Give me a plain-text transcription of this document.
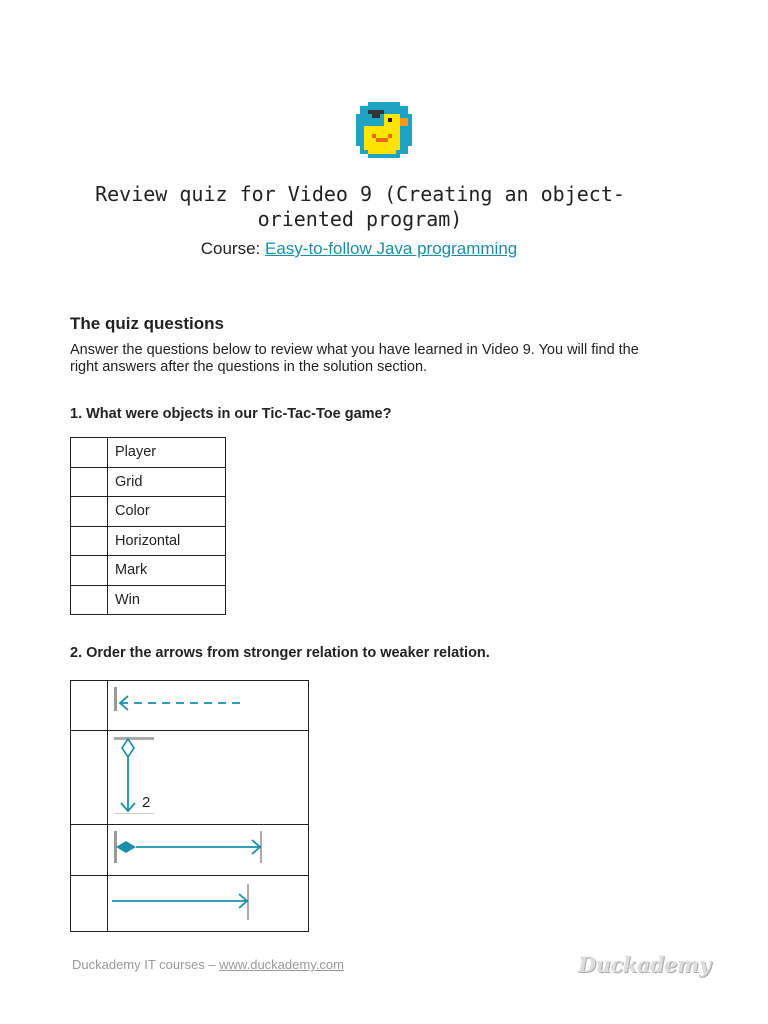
Review quiz for Video 9 (Creating an object-oriented program)
Course: Easy-to-follow Java programming
The quiz questions
Answer the questions below to review what you have learned in Video 9. You will find the right answers after the questions in the solution section.
1. What were objects in our Tic-Tac-Toe game?
	Player
	Grid
	Color
	Horizontal
	Mark
	Win
2. Order the arrows from stronger relation to weaker relation.

2

Duckademy IT courses – www.duckademy.com	Duckademy
